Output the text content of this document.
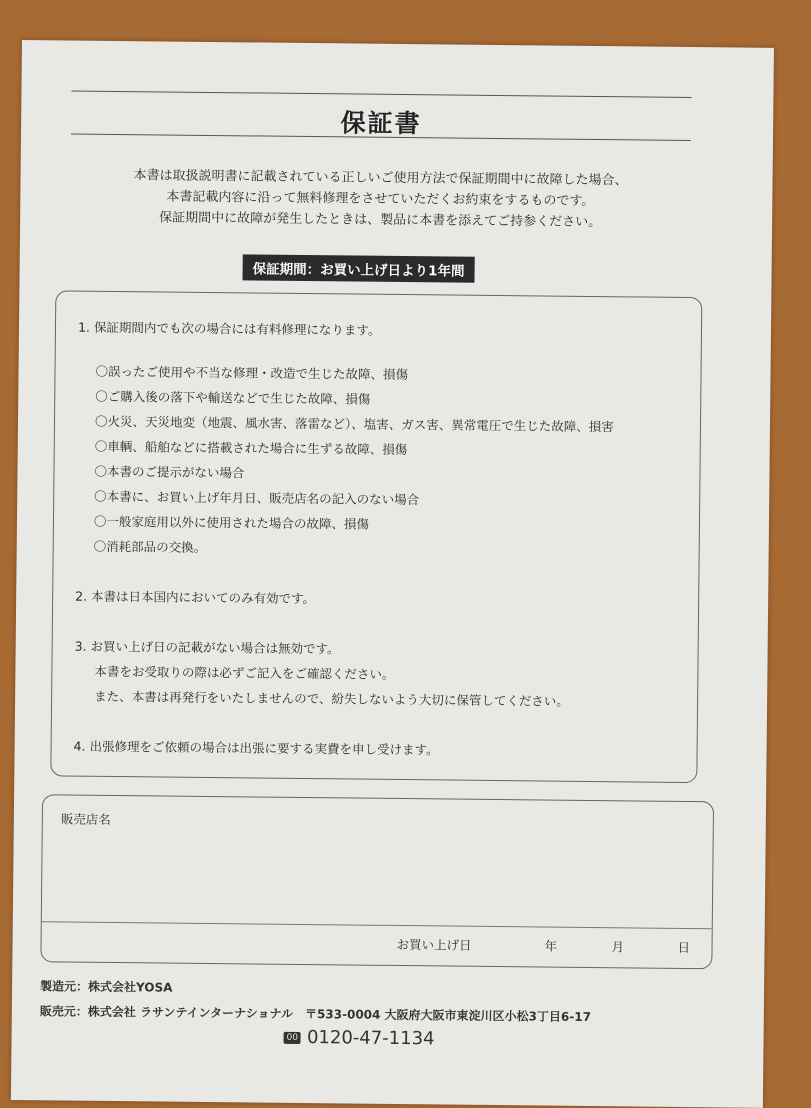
保証書
本書は取扱説明書に記載されている正しいご使用方法で保証期間中に故障した場合、
本書記載内容に沿って無料修理をさせていただくお約束をするものです。
保証期間中に故障が発生したときは、製品に本書を添えてご持参ください。
保証期間：お買い上げ日より1年間
1. 保証期間内でも次の場合には有料修理になります。
〇誤ったご使用や不当な修理・改造で生じた故障、損傷
〇ご購入後の落下や輸送などで生じた故障、損傷
〇火災、天災地変（地震、風水害、落雷など）、塩害、ガス害、異常電圧で生じた故障、損害
〇車輌、船舶などに搭載された場合に生ずる故障、損傷
〇本書のご提示がない場合
〇本書に、お買い上げ年月日、販売店名の記入のない場合
〇一般家庭用以外に使用された場合の故障、損傷
〇消耗部品の交換。
2. 本書は日本国内においてのみ有効です。
3. お買い上げ日の記載がない場合は無効です。
本書をお受取りの際は必ずご記入をご確認ください。
また、本書は再発行をいたしませんので、紛失しないよう大切に保管してください。
4. 出張修理をご依頼の場合は出張に要する実費を申し受けます。
販売店名
お買い上げ日	年	月	日
製造元：株式会社YOSA
販売元：株式会社 ラサンテインターナショナル　〒533-0004 大阪府大阪市東淀川区小松3丁目6-17
00 0120-47-1134
